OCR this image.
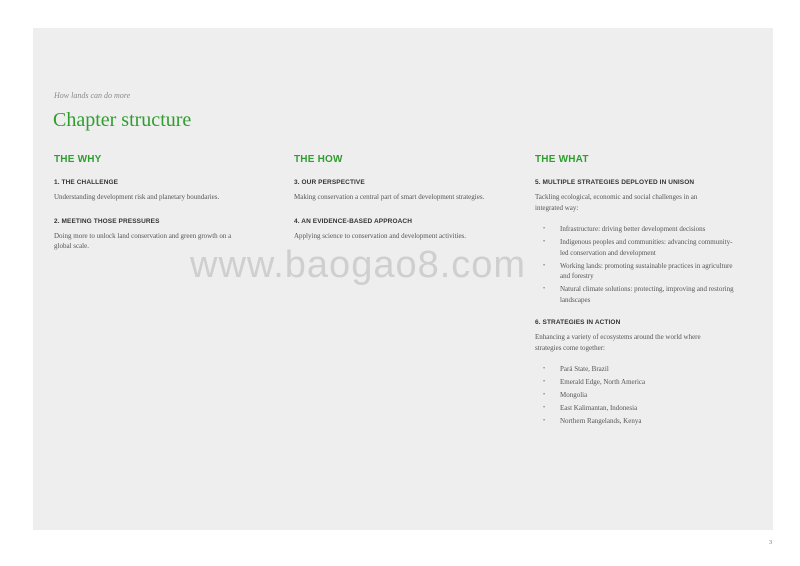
How lands can do more
Chapter structure
THE WHY
1. THE CHALLENGE

Understanding development risk and planetary boundaries.

2. MEETING THOSE PRESSURES

Doing more to unlock land conservation and green growth on a global scale.

THE HOW
3. OUR PERSPECTIVE

Making conservation a central part of smart development strategies.

4. AN EVIDENCE-BASED APPROACH

Applying science to conservation and development activities.

THE WHAT
5. MULTIPLE STRATEGIES DEPLOYED IN UNISON

Tackling ecological, economic and social challenges in an integrated way:

• Infrastructure: driving better development decisions
• Indigenous peoples and communities: advancing community-led conservation and development
• Working lands: promoting sustainable practices in agriculture and forestry
• Natural climate solutions: protecting, improving and restoring landscapes
6. STRATEGIES IN ACTION

Enhancing a variety of ecosystems around the world where strategies come together:

• Pará State, Brazil
• Emerald Edge, North America
• Mongolia
• East Kalimantan, Indonesia
• Northern Rangelands, Kenya
www.baogao8.com
3
